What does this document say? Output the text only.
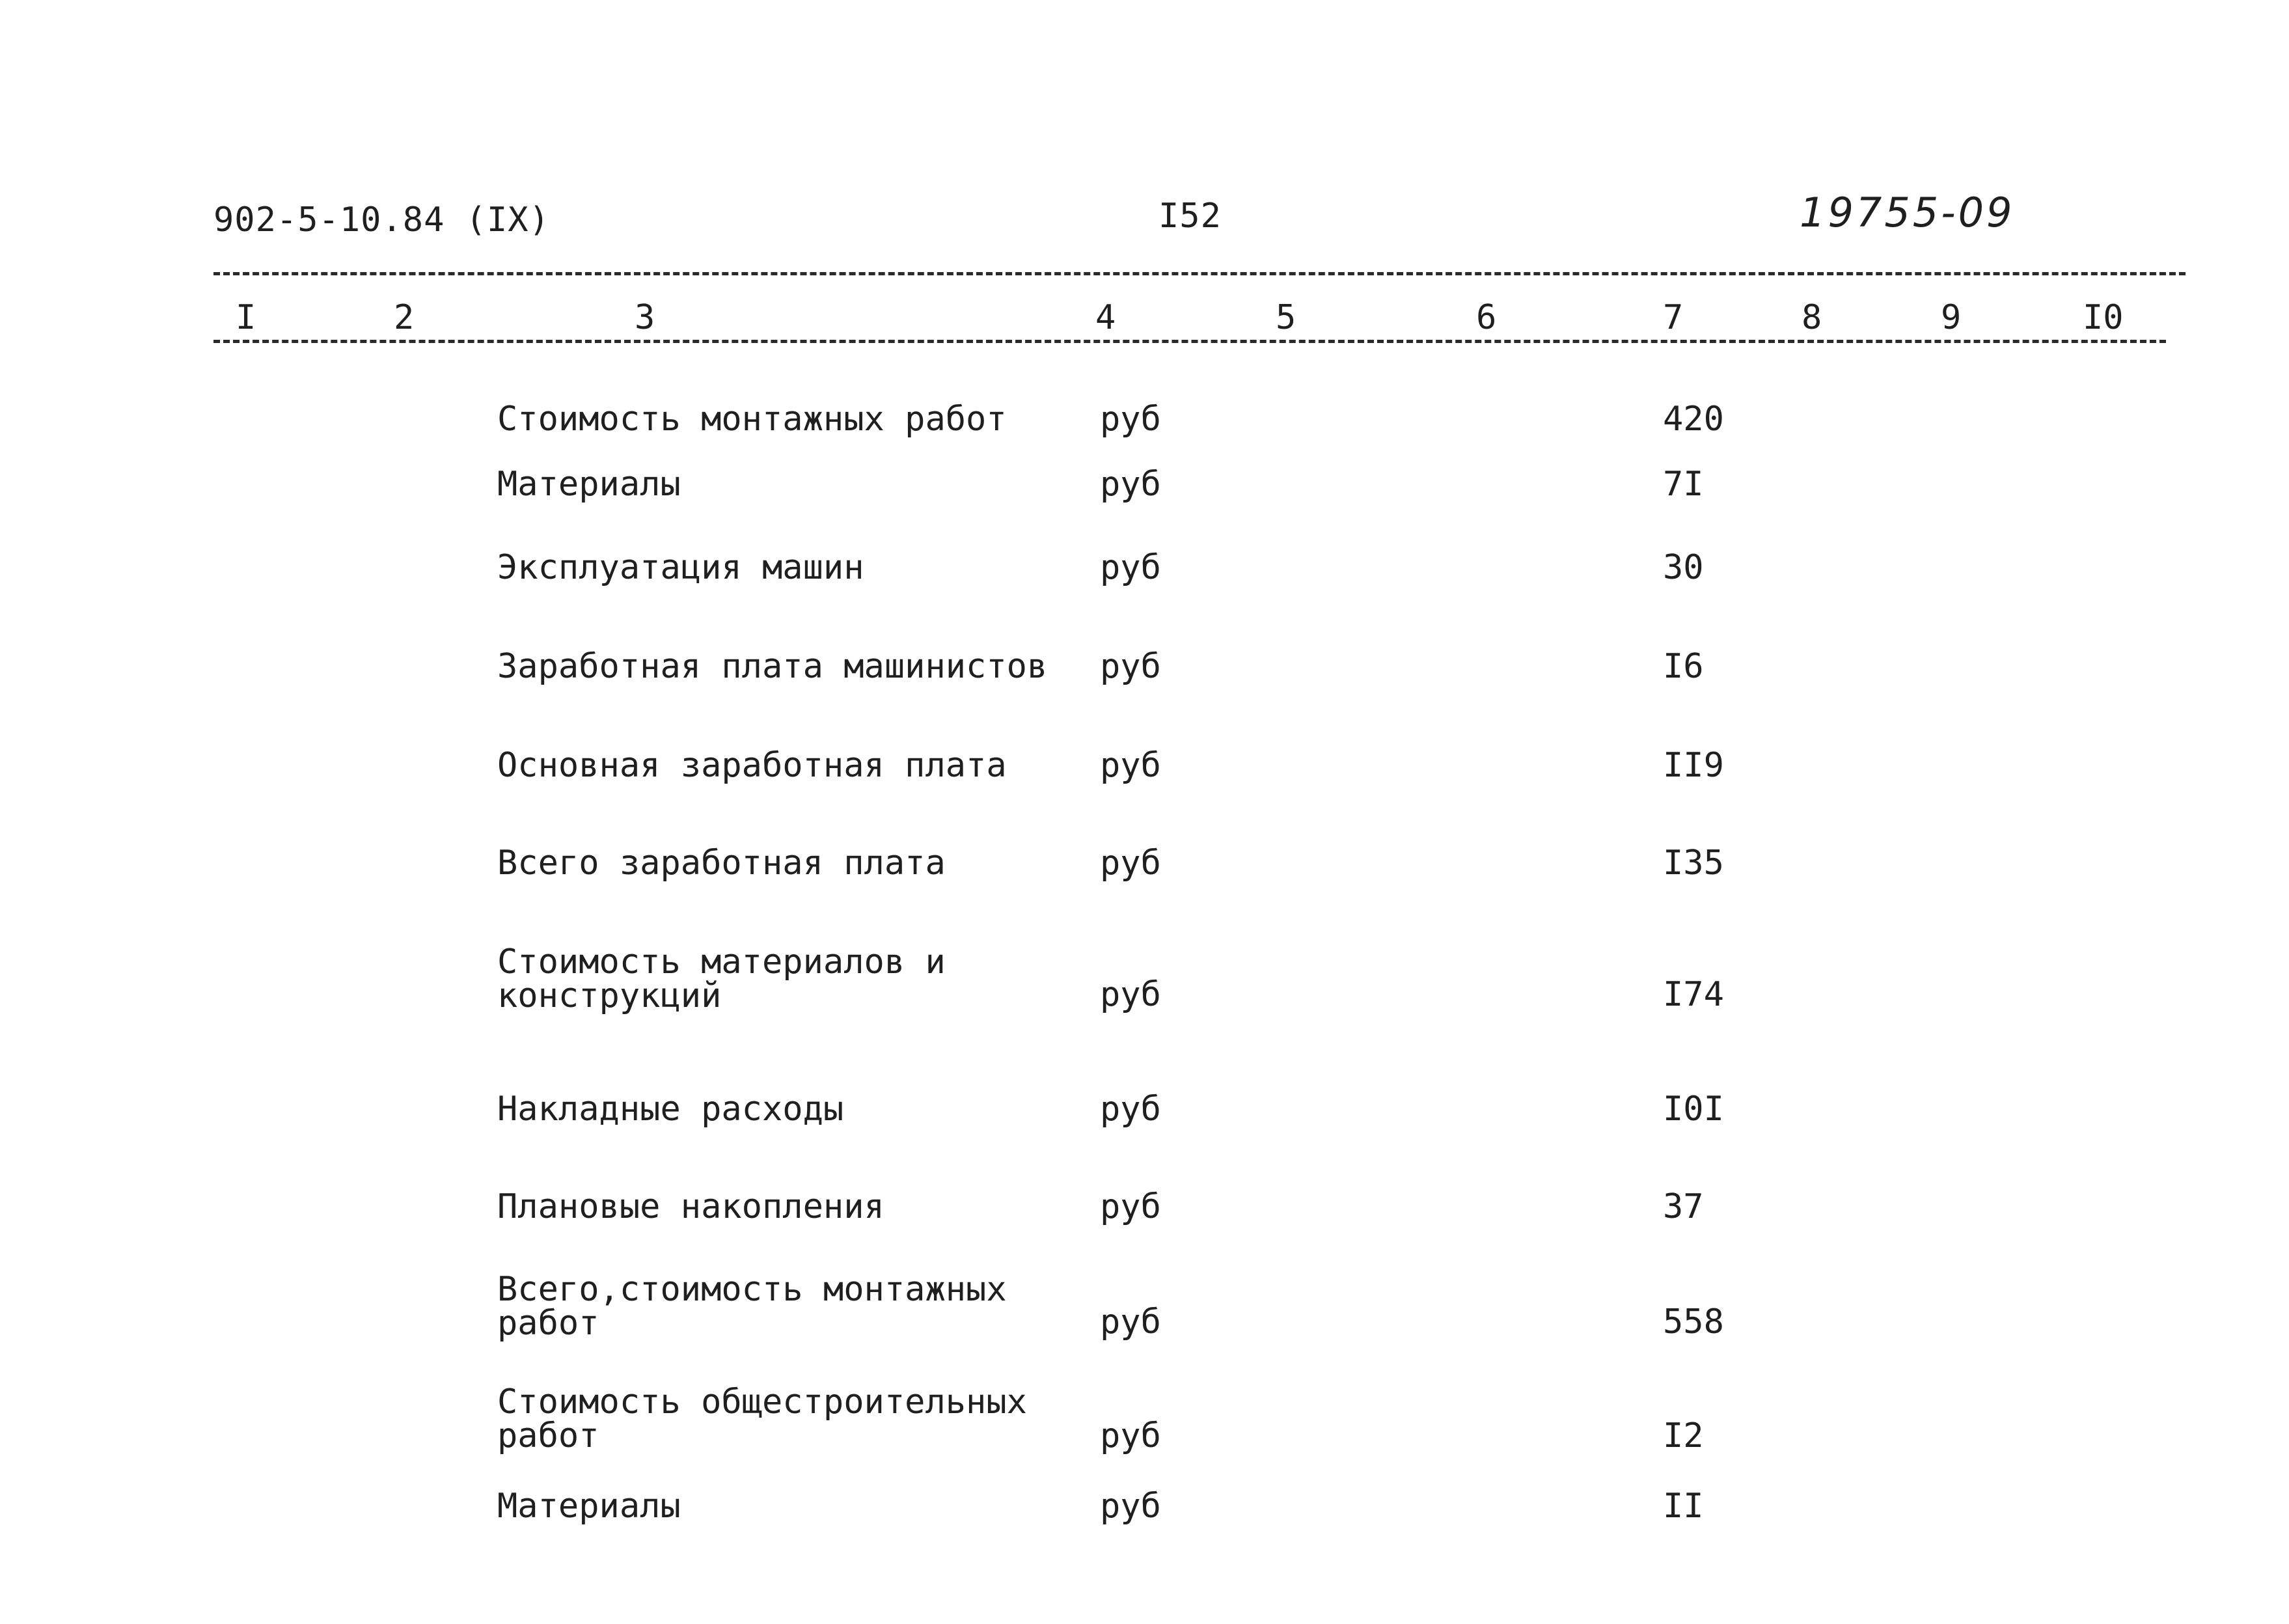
902-5-10.84 (IX)	I52	19755-09
I	2	3	4	5	6	7	8	9	I0
Стоимость монтажных работ	руб	420
Материалы	руб	7I
Эксплуатация машин	руб	30
Заработная плата машинистов	руб	I6
Основная заработная плата	руб	II9
Всего заработная плата	руб	I35
Стоимость материалов и
конструкций	руб	I74
Накладные расходы	руб	I0I
Плановые накопления	руб	37
Всего,стоимость монтажных
работ	руб	558
Стоимость общестроительных
работ	руб	I2
Материалы	руб	II
